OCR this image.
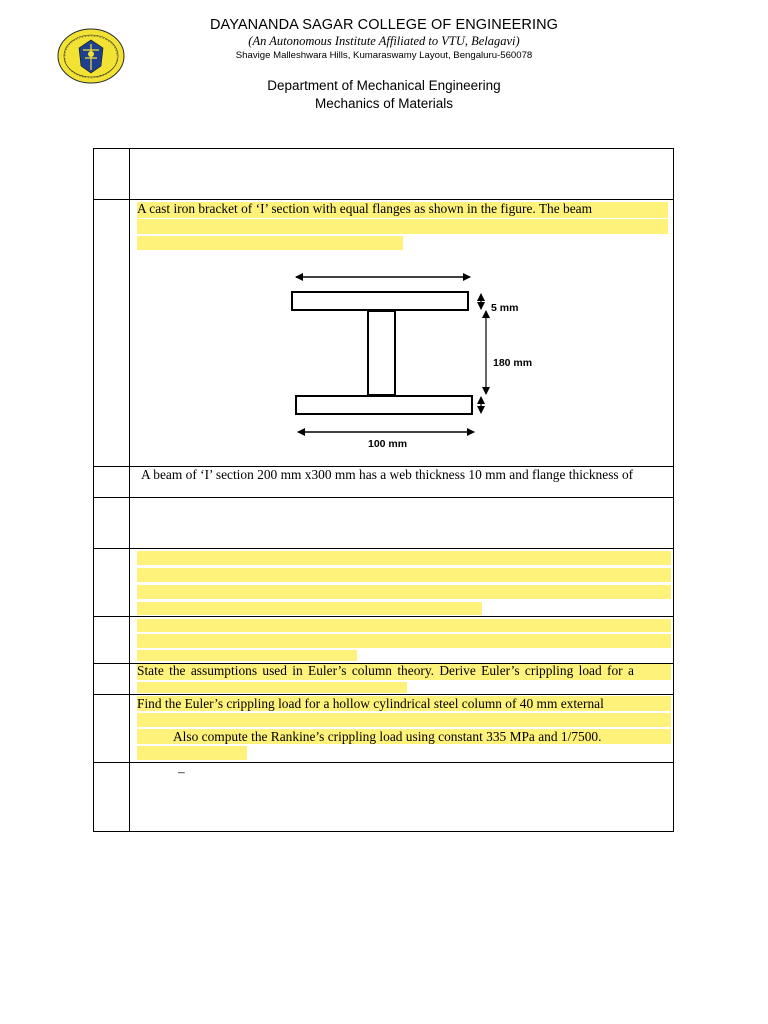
DAYANANDA SAGAR COLLEGE OF ENGINEERING
(An Autonomous Institute Affiliated to VTU, Belagavi)
Shavige Malleshwara Hills, Kumaraswamy Layout, Bengaluru-560078
Department of Mechanical Engineering
Mechanics of Materials
A cast iron bracket of ‘I’ section with equal flanges as shown in the figure. The beam
A beam of ‘I’ section 200 mm x300 mm has a web thickness 10 mm and flange thickness of
State the assumptions used in Euler’s column theory. Derive Euler’s crippling load for a
Find the Euler’s crippling load for a hollow cylindrical steel column of 40 mm external
Also compute the Rankine’s crippling load using constant 335 MPa and 1/7500.
–
5 mm
180 mm
100 mm
